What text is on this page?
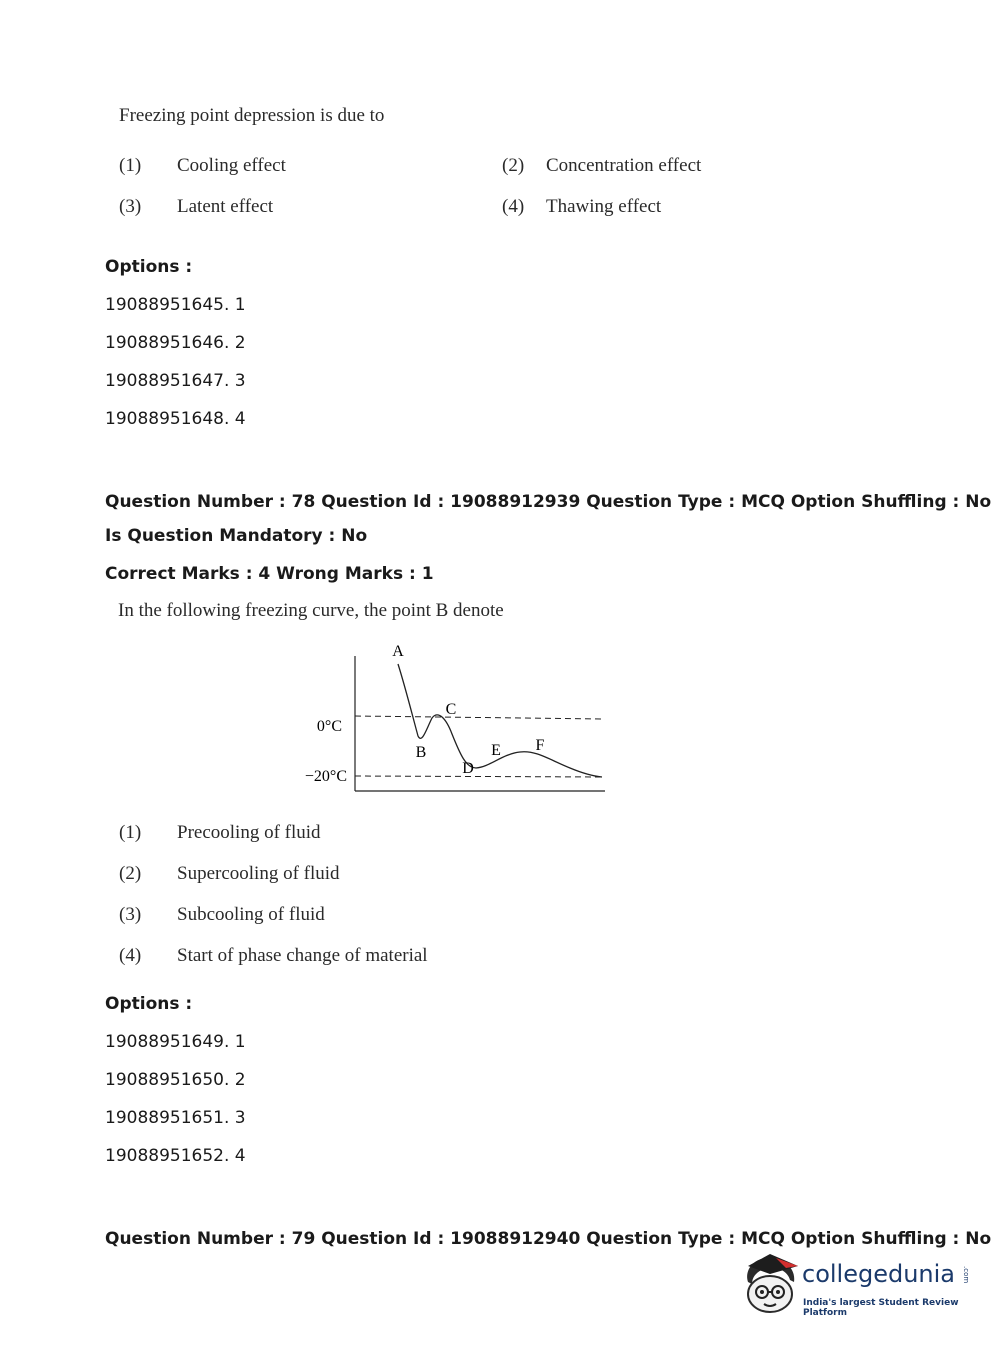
Freezing point depression is due to
(1) Cooling effect	(2) Concentration effect
(3) Latent effect	(4) Thawing effect
Options :
19088951645. 1
19088951646. 2
19088951647. 3
19088951648. 4
Question Number : 78 Question Id : 19088912939 Question Type : MCQ Option Shuffling : No
Is Question Mandatory : No
Correct Marks : 4 Wrong Marks : 1
In the following freezing curve, the point B denote
A
B
C
D
E F
0°C
−20°C
(1) Precooling of fluid
(2) Supercooling of fluid
(3) Subcooling of fluid
(4) Start of phase change of material
Options :
19088951649. 1
19088951650. 2
19088951651. 3
19088951652. 4
Question Number : 79 Question Id : 19088912940 Question Type : MCQ Option Shuffling : No
collegedunia .com
India's largest Student Review Platform
